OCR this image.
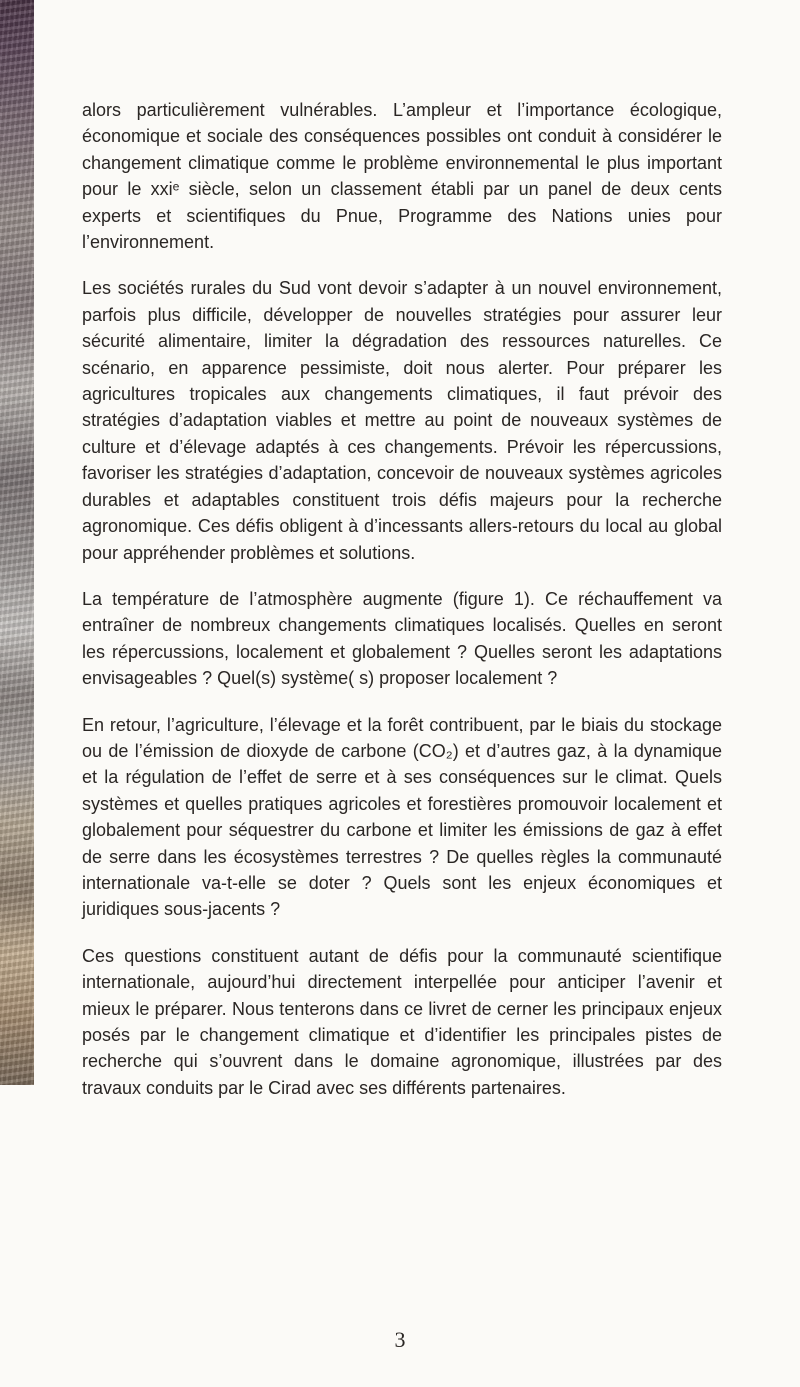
alors particulièrement vulnérables. L’ampleur et l’importance écologique, économique et sociale des conséquences possibles ont conduit à considérer le changement climatique comme le problème environnemental le plus important pour le xxiᵉ siècle, selon un classement établi par un panel de deux cents experts et scientifiques du Pnue, Programme des Nations unies pour l’environnement.

Les sociétés rurales du Sud vont devoir s’adapter à un nouvel environnement, parfois plus difficile, développer de nouvelles stratégies pour assurer leur sécurité alimentaire, limiter la dégradation des ressources naturelles. Ce scénario, en apparence pessimiste, doit nous alerter. Pour préparer les agricultures tropicales aux changements climatiques, il faut prévoir des stratégies d’adaptation viables et mettre au point de nouveaux systèmes de culture et d’élevage adaptés à ces changements. Prévoir les répercussions, favoriser les stratégies d’adaptation, concevoir de nouveaux systèmes agricoles durables et adaptables constituent trois défis majeurs pour la recherche agronomique. Ces défis obligent à d’incessants allers-retours du local au global pour appréhender problèmes et solutions.

La température de l’atmosphère augmente (figure 1). Ce réchauffement va entraîner de nombreux changements climatiques localisés. Quelles en seront les répercussions, localement et globalement ? Quelles seront les adaptations envisageables ? Quel(s) système( s) proposer localement ?

En retour, l’agriculture, l’élevage et la forêt contribuent, par le biais du stockage ou de l’émission de dioxyde de carbone (CO₂) et d’autres gaz, à la dynamique et la régulation de l’effet de serre et à ses conséquences sur le climat. Quels systèmes et quelles pratiques agricoles et forestières promouvoir localement et globalement pour séquestrer du carbone et limiter les émissions de gaz à effet de serre dans les écosystèmes terrestres ? De quelles règles la communauté internationale va-t-elle se doter ? Quels sont les enjeux économiques et juridiques sous-jacents ?

Ces questions constituent autant de défis pour la communauté scientifique internationale, aujourd’hui directement interpellée pour anticiper l’avenir et mieux le préparer. Nous tenterons dans ce livret de cerner les principaux enjeux posés par le changement climatique et d’identifier les principales pistes de recherche qui s’ouvrent dans le domaine agronomique, illustrées par des travaux conduits par le Cirad avec ses différents partenaires.

3
